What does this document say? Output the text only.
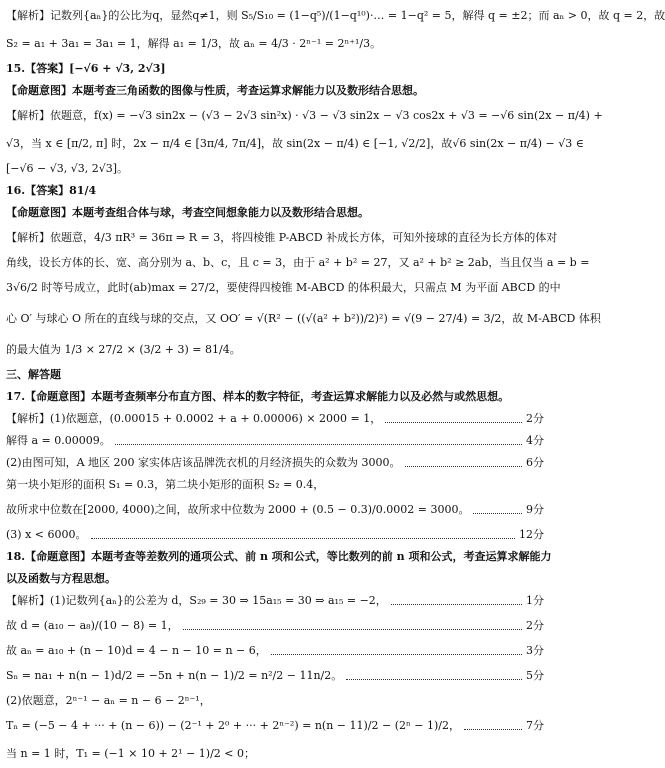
【解析】记数列{aₙ}的公比为q，显然q≠1，则 S₅/S₁₀ = (1−q⁵)/(1−q¹⁰)·… = 1−q² = 5，解得 q = ±2；而 aₙ > 0，故 q = 2，故
S₂ = a₁ + 3a₁ = 3a₁ = 1，解得 a₁ = 1/3，故 aₙ = 4/3 · 2ⁿ⁻¹ = 2ⁿ⁺¹/3。
15.【答案】[−√6 + √3, 2√3]
【命题意图】本题考查三角函数的图像与性质，考查运算求解能力以及数形结合思想。
【解析】依题意，f(x) = −√3 sin2x − (√3 − 2√3 sin²x) · √3 − √3 sin2x − √3 cos2x + √3 = −√6 sin(2x − π/4) +
√3，当 x ∈ [π/2, π] 时，2x − π/4 ∈ [3π/4, 7π/4]，故 sin(2x − π/4) ∈ [−1, √2/2]，故√6 sin(2x − π/4) − √3 ∈
[−√6 − √3, √3, 2√3]。
16.【答案】81/4
【命题意图】本题考查组合体与球，考查空间想象能力以及数形结合思想。
【解析】依题意，4/3 πR³ = 36π ⇒ R = 3，将四棱锥 P-ABCD 补成长方体，可知外接球的直径为长方体的体对
角线，设长方体的长、宽、高分别为 a、b、c，且 c = 3，由于 a² + b² = 27，又 a² + b² ≥ 2ab，当且仅当 a = b =
3√6/2 时等号成立，此时(ab)max = 27/2，要使得四棱锥 M-ABCD 的体积最大，只需点 M 为平面 ABCD 的中
心 O′ 与球心 O 所在的直线与球的交点，又 OO′ = √(R² − ((√(a² + b²))/2)²) = √(9 − 27/4) = 3/2，故 M-ABCD 体积
的最大值为 1/3 × 27/2 × (3/2 + 3) = 81/4。
三、解答题
17.【命题意图】本题考查频率分布直方图、样本的数字特征，考查运算求解能力以及必然与或然思想。
【解析】(1)依题意，(0.00015 + 0.0002 + a + 0.00006) × 2000 = 1，	2分
解得 a = 0.00009。	4分
(2)由图可知，A 地区 200 家实体店该品牌洗衣机的月经济损失的众数为 3000。	6分
第一块小矩形的面积 S₁ = 0.3，第二块小矩形的面积 S₂ = 0.4，
故所求中位数在[2000, 4000)之间，故所求中位数为 2000 + (0.5 − 0.3)/0.0002 = 3000。	9分
(3) x < 6000。	12分
18.【命题意图】本题考查等差数列的通项公式、前 n 项和公式，等比数列的前 n 项和公式，考查运算求解能力
以及函数与方程思想。
【解析】(1)记数列{aₙ}的公差为 d，S₂₉ = 30 ⇒ 15a₁₅ = 30 ⇒ a₁₅ = −2，	1分
故 d = (a₁₀ − a₈)/(10 − 8) = 1，	2分
故 aₙ = a₁₀ + (n − 10)d = 4 − n − 10 = n − 6，	3分
Sₙ = na₁ + n(n − 1)d/2 = −5n + n(n − 1)/2 = n²/2 − 11n/2。	5分
(2)依题意，2ⁿ⁻¹ − aₙ = n − 6 − 2ⁿ⁻¹，
Tₙ = (−5 − 4 + ··· + (n − 6)) − (2⁻¹ + 2⁰ + ··· + 2ⁿ⁻²) = n(n − 11)/2 − (2ⁿ − 1)/2，	7分
当 n = 1 时，T₁ = (−1 × 10 + 2¹ − 1)/2 < 0；
